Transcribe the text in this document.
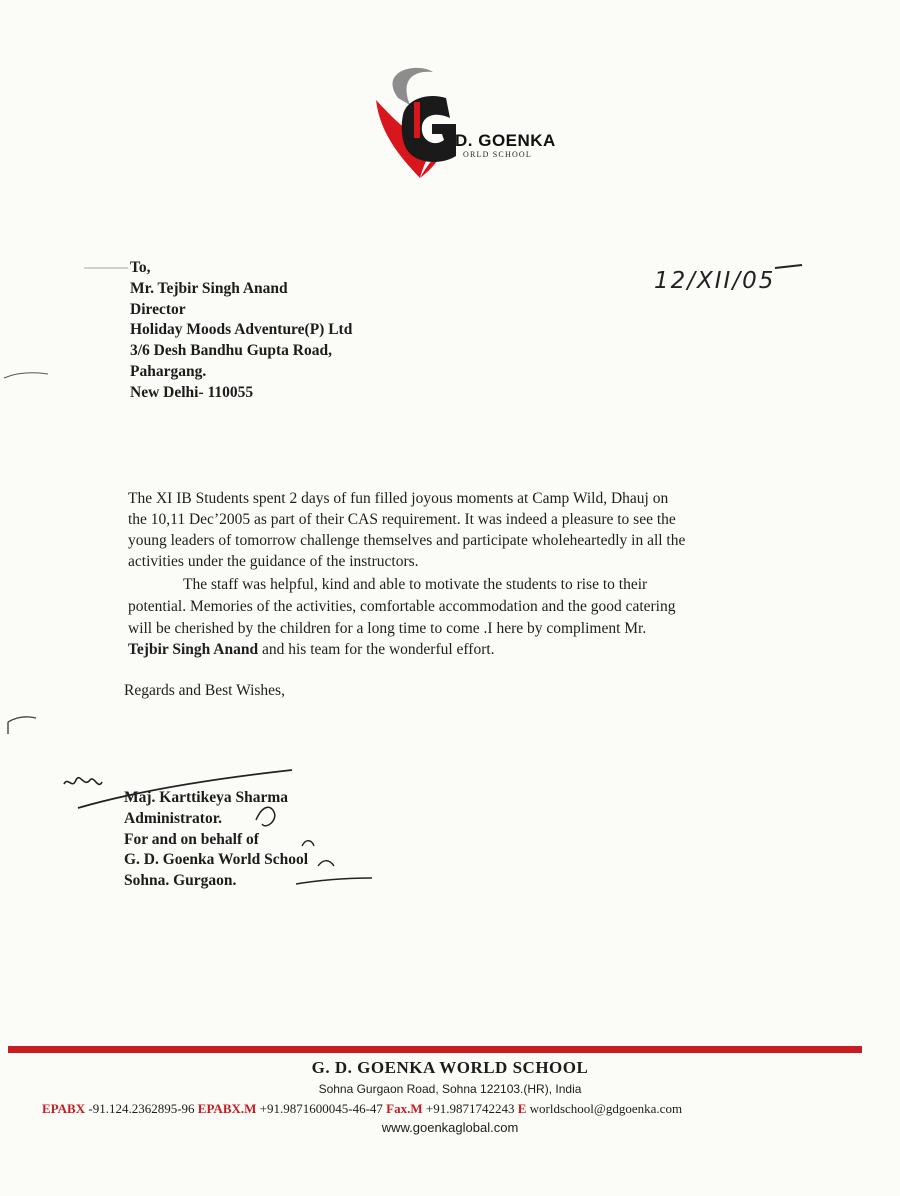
D. GOENKA
ORLD SCHOOL
12/XII/05
To,
Mr. Tejbir Singh Anand
Director
Holiday Moods Adventure(P) Ltd
3/6 Desh Bandhu Gupta Road,
Pahargang.
New Delhi- 110055
The XI IB Students spent 2 days of fun filled joyous moments at Camp Wild, Dhauj on
the 10,11 Dec’2005 as part of their CAS requirement. It was indeed a pleasure to see the
young leaders of tomorrow challenge themselves and participate wholeheartedly in all the
activities under the guidance of the instructors.
The staff was helpful, kind and able to motivate the students to rise to their
potential. Memories of the activities, comfortable accommodation and the good catering
will be cherished by the children for a long time to come .I here by compliment Mr.
Tejbir Singh Anand and his team for the wonderful effort.
Regards and Best Wishes,
Maj. Karttikeya Sharma
Administrator.
For and on behalf of
G. D. Goenka World School
Sohna. Gurgaon.
G. D. GOENKA WORLD SCHOOL
Sohna Gurgaon Road, Sohna 122103.(HR), India
EPABX -91.124.2362895-96 EPABX.M +91.9871600045-46-47 Fax.M +91.9871742243 E worldschool@gdgoenka.com
www.goenkaglobal.com
